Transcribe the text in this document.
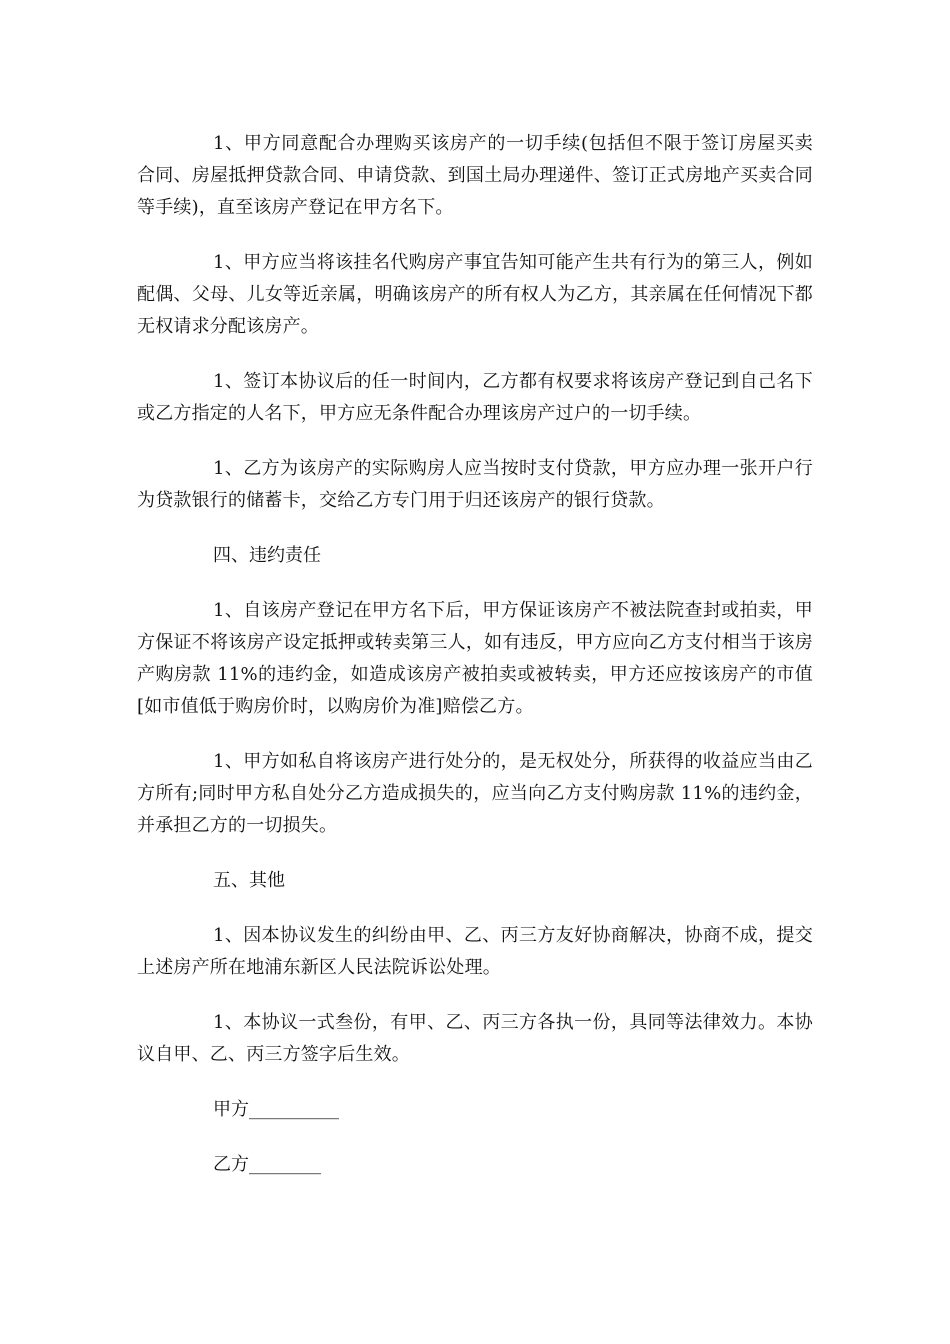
1、甲方同意配合办理购买该房产的一切手续(包括但不限于签订房屋买卖合同、房屋抵押贷款合同、申请贷款、到国土局办理递件、签订正式房地产买卖合同等手续)，直至该房产登记在甲方名下。

1、甲方应当将该挂名代购房产事宜告知可能产生共有行为的第三人，例如配偶、父母、儿女等近亲属，明确该房产的所有权人为乙方，其亲属在任何情况下都无权请求分配该房产。

1、签订本协议后的任一时间内，乙方都有权要求将该房产登记到自己名下或乙方指定的人名下，甲方应无条件配合办理该房产过户的一切手续。

1、乙方为该房产的实际购房人应当按时支付贷款，甲方应办理一张开户行为贷款银行的储蓄卡，交给乙方专门用于归还该房产的银行贷款。

四、违约责任

1、自该房产登记在甲方名下后，甲方保证该房产不被法院查封或拍卖，甲方保证不将该房产设定抵押或转卖第三人，如有违反，甲方应向乙方支付相当于该房产购房款 11%的违约金，如造成该房产被拍卖或被转卖，甲方还应按该房产的市值[如市值低于购房价时，以购房价为准]赔偿乙方。

1、甲方如私自将该房产进行处分的，是无权处分，所获得的收益应当由乙方所有;同时甲方私自处分乙方造成损失的，应当向乙方支付购房款 11%的违约金，并承担乙方的一切损失。

五、其他

1、因本协议发生的纠纷由甲、乙、丙三方友好协商解决，协商不成，提交上述房产所在地浦东新区人民法院诉讼处理。

1、本协议一式叁份，有甲、乙、丙三方各执一份，具同等法律效力。本协议自甲、乙、丙三方签字后生效。

甲方__________

乙方________
